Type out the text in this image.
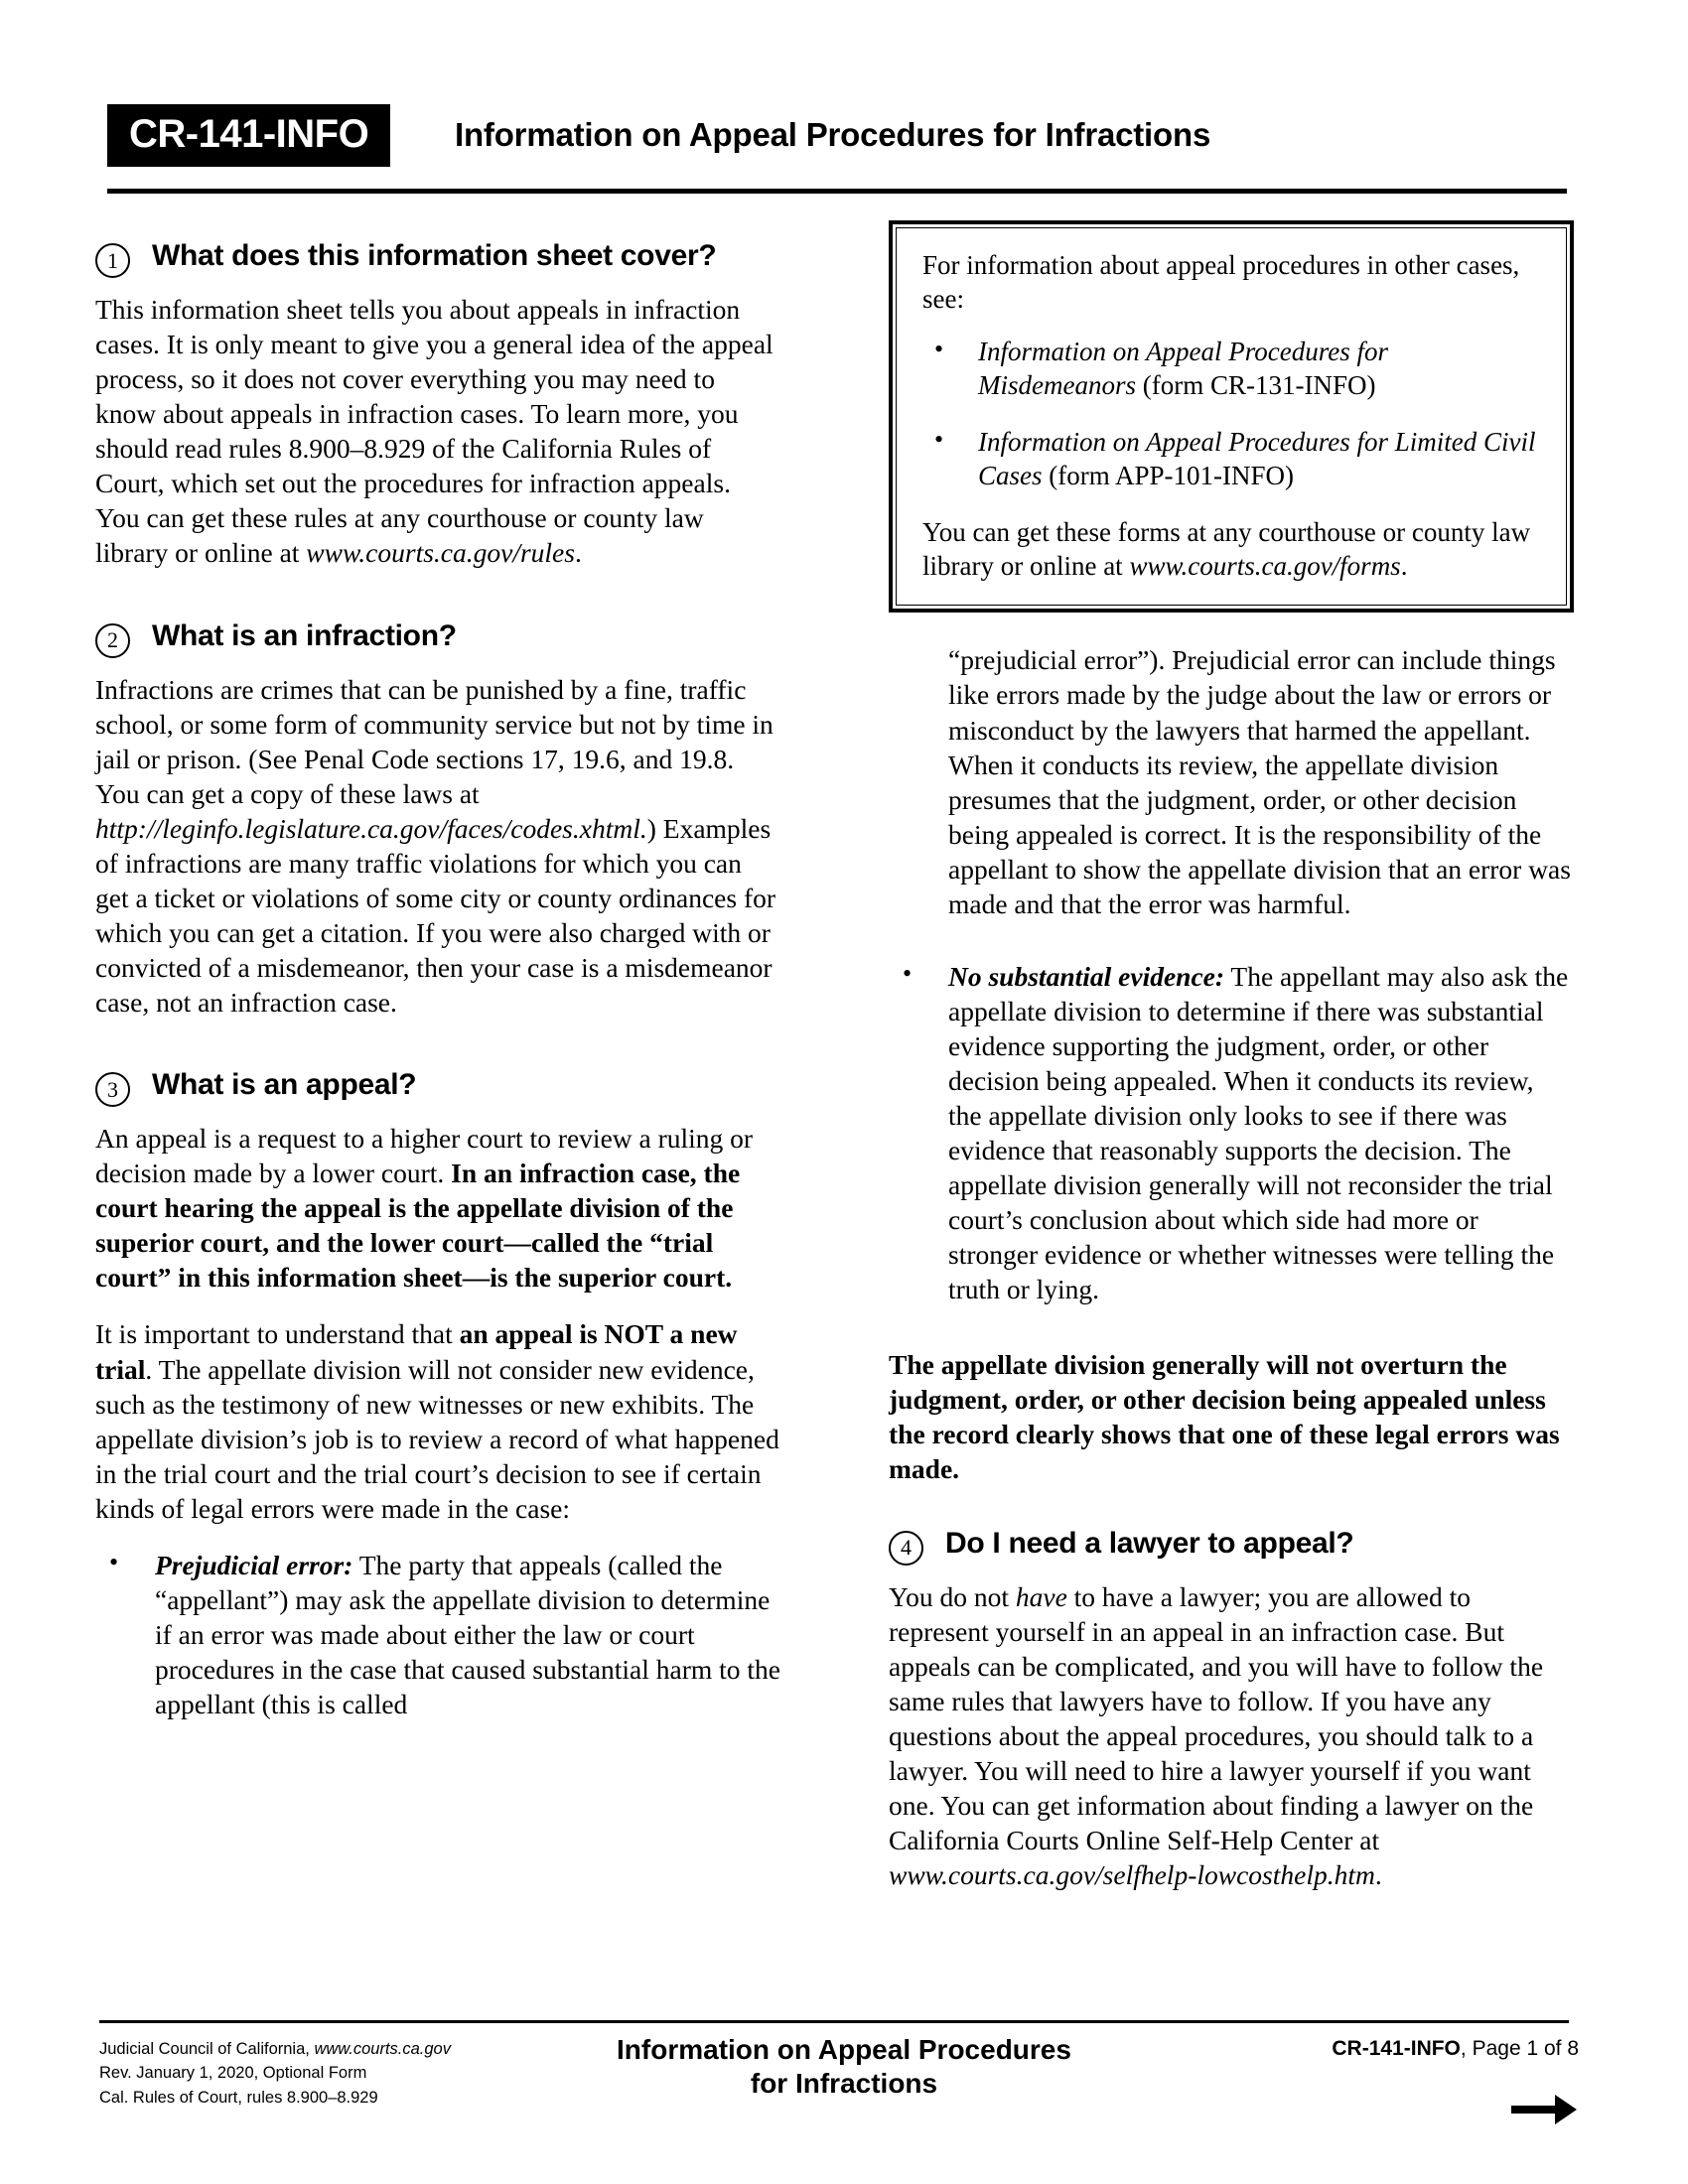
CR-141-INFO	Information on Appeal Procedures for Infractions
1	What does this information sheet cover?

This information sheet tells you about appeals in infraction cases. It is only meant to give you a general idea of the appeal process, so it does not cover everything you may need to know about appeals in infraction cases. To learn more, you should read rules 8.900–8.929 of the California Rules of Court, which set out the procedures for infraction appeals. You can get these rules at any courthouse or county law library or online at www.courts.ca.gov/rules.

2	What is an infraction?

Infractions are crimes that can be punished by a fine, traffic school, or some form of community service but not by time in jail or prison. (See Penal Code sections 17, 19.6, and 19.8. You can get a copy of these laws at http://leginfo.legislature.ca.gov/faces/codes.xhtml.) Examples of infractions are many traffic violations for which you can get a ticket or violations of some city or county ordinances for which you can get a citation. If you were also charged with or convicted of a misdemeanor, then your case is a misdemeanor case, not an infraction case.

3	What is an appeal?

An appeal is a request to a higher court to review a ruling or decision made by a lower court. In an infraction case, the court hearing the appeal is the appellate division of the superior court, and the lower court—called the “trial court” in this information sheet—is the superior court.

It is important to understand that an appeal is NOT a new trial. The appellate division will not consider new evidence, such as the testimony of new witnesses or new exhibits. The appellate division’s job is to review a record of what happened in the trial court and the trial court’s decision to see if certain kinds of legal errors were made in the case:

• Prejudicial error: The party that appeals (called the “appellant”) may ask the appellate division to determine if an error was made about either the law or court procedures in the case that caused substantial harm to the appellant (this is called

For information about appeal procedures in other cases, see:

• Information on Appeal Procedures for Misdemeanors (form CR-131-INFO)
• Information on Appeal Procedures for Limited Civil Cases (form APP-101-INFO)

You can get these forms at any courthouse or county law library or online at www.courts.ca.gov/forms.

“prejudicial error”). Prejudicial error can include things like errors made by the judge about the law or errors or misconduct by the lawyers that harmed the appellant. When it conducts its review, the appellate division presumes that the judgment, order, or other decision being appealed is correct. It is the responsibility of the appellant to show the appellate division that an error was made and that the error was harmful.
• No substantial evidence: The appellant may also ask the appellate division to determine if there was substantial evidence supporting the judgment, order, or other decision being appealed. When it conducts its review, the appellate division only looks to see if there was evidence that reasonably supports the decision. The appellate division generally will not reconsider the trial court’s conclusion about which side had more or stronger evidence or whether witnesses were telling the truth or lying.

The appellate division generally will not overturn the judgment, order, or other decision being appealed unless the record clearly shows that one of these legal errors was made.

4	Do I need a lawyer to appeal?

You do not have to have a lawyer; you are allowed to represent yourself in an appeal in an infraction case. But appeals can be complicated, and you will have to follow the same rules that lawyers have to follow. If you have any questions about the appeal procedures, you should talk to a lawyer. You will need to hire a lawyer yourself if you want one. You can get information about finding a lawyer on the California Courts Online Self-Help Center at www.courts.ca.gov/selfhelp-lowcosthelp.htm.

Judicial Council of California, www.courts.ca.gov
Rev. January 1, 2020, Optional Form
Cal. Rules of Court, rules 8.900–8.929
Information on Appeal Procedures
for Infractions
CR-141-INFO, Page 1 of 8
